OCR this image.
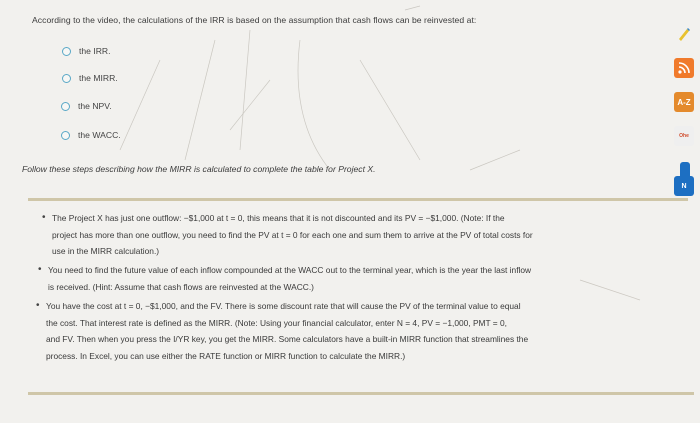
According to the video, the calculations of the IRR is based on the assumption that cash flows can be reinvested at:
the IRR.
the MIRR.
the NPV.
the WACC.
Follow these steps describing how the MIRR is calculated to complete the table for Project X.
• The Project X has just one outflow: −$1,000 at t = 0, this means that it is not discounted and its PV = −$1,000. (Note: If the
project has more than one outflow, you need to find the PV at t = 0 for each one and sum them to arrive at the PV of total costs for
use in the MIRR calculation.)
• You need to find the future value of each inflow compounded at the WACC out to the terminal year, which is the year the last inflow
is received. (Hint: Assume that cash flows are reinvested at the WACC.)
• You have the cost at t = 0, −$1,000, and the FV. There is some discount rate that will cause the PV of the terminal value to equal
the cost. That interest rate is defined as the MIRR. (Note: Using your financial calculator, enter N = 4, PV = −1,000, PMT = 0,
and FV. Then when you press the I/YR key, you get the MIRR. Some calculators have a built-in MIRR function that streamlines the
process. In Excel, you can use either the RATE function or MIRR function to calculate the MIRR.)
A-Z
Ohe
N
